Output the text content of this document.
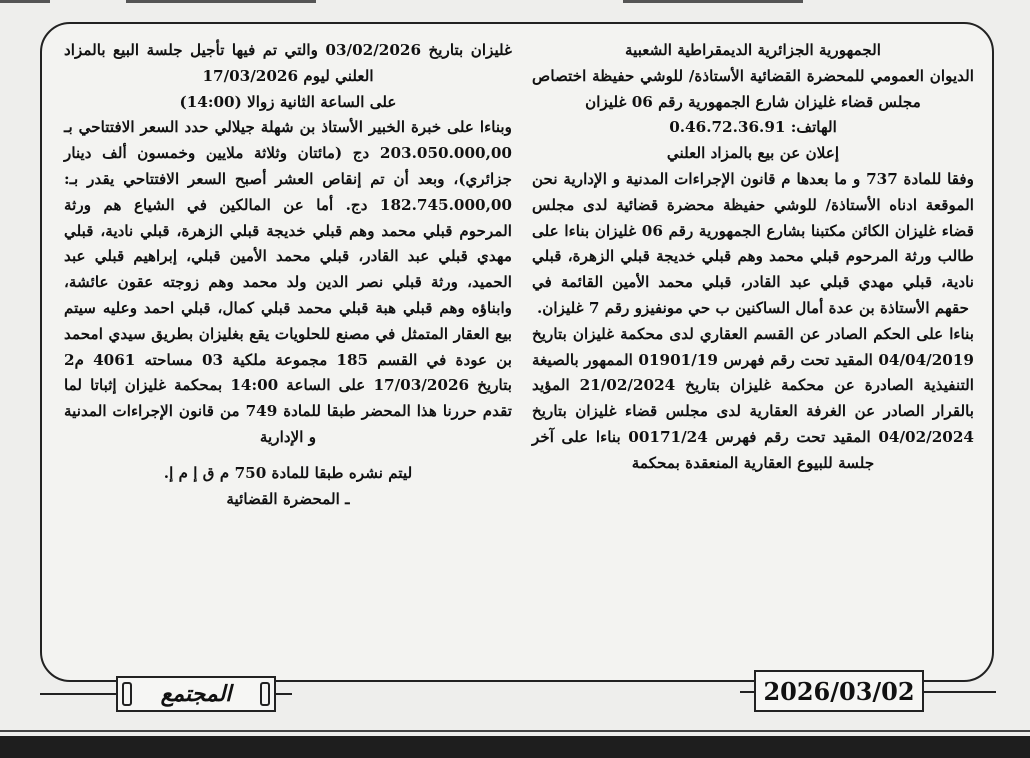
الجمهورية الجزائرية الديمقراطية الشعبية

الديوان العمومي للمحضرة القضائية الأستاذة/ للوشي حفيظة اختصاص مجلس قضاء غليزان شارع الجمهورية رقم 06 غليزان

الهاتف: 0.46.72.36.91

إعلان عن بيع بالمزاد العلني

وفقا للمادة 737 و ما بعدها م قانون الإجراءات المدنية و الإدارية نحن الموقعة ادناه الأستاذة/ للوشي حفيظة محضرة قضائية لدى مجلس قضاء غليزان الكائن مكتبنا بشارع الجمهورية رقم 06 غليزان بناءا على طالب ورثة المرحوم قبلي محمد وهم قبلي خديجة قبلي الزهرة، قبلي نادية، قبلي مهدي قبلي عبد القادر، قبلي محمد الأمين القائمة في حقهم الأستاذة بن عدة أمال الساكنين ب حي مونفيزو رقم 7 غليزان.

بناءا على الحكم الصادر عن القسم العقاري لدى محكمة غليزان بتاريخ 04/04/2019 المقيد تحت رقم فهرس 01901/19 الممهور بالصيغة التنفيذية الصادرة عن محكمة غليزان بتاريخ 21/02/2024 المؤيد بالقرار الصادر عن الغرفة العقارية لدى مجلس قضاء غليزان بتاريخ 04/02/2024 المقيد تحت رقم فهرس 00171/24 بناءا على آخر جلسة للبيوع العقارية المنعقدة بمحكمة

غليزان بتاريخ 03/02/2026 والتي تم فيها تأجيل جلسة البيع بالمزاد العلني ليوم 17/03/2026

على الساعة الثانية زوالا (14:00)

وبناءا على خبرة الخبير الأستاذ بن شهلة جيلالي حدد السعر الافتتاحي بـ 203.050.000,00 دج (مائتان وثلاثة ملايين وخمسون ألف دينار جزائري)، وبعد أن تم إنقاص العشر أصبح السعر الافتتاحي يقدر بـ: 182.745.000,00 دج. أما عن المالكين في الشياع هم ورثة المرحوم قبلي محمد وهم قبلي خديجة قبلي الزهرة، قبلي نادية، قبلي مهدي قبلي عبد القادر، قبلي محمد الأمين قبلي، إبراهيم قبلي عبد الحميد، ورثة قبلي نصر الدين ولد محمد وهم زوجته عقون عائشة، وابناؤه وهم قبلي هبة قبلي محمد قبلي كمال، قبلي احمد وعليه سيتم بيع العقار المتمثل في مصنع للحلويات يقع بغليزان بطريق سيدي امحمد بن عودة في القسم 185 مجموعة ملكية 03 مساحته 4061 م2 بتاريخ 17/03/2026 على الساعة 14:00 بمحكمة غليزان إثباتا لما تقدم حررنا هذا المحضر طبقا للمادة 749 من قانون الإجراءات المدنية و الإدارية

ليتم نشره طبقا للمادة 750 م ق إ م إ.

ـ المحضرة القضائية

المجتمع	2026/03/02
